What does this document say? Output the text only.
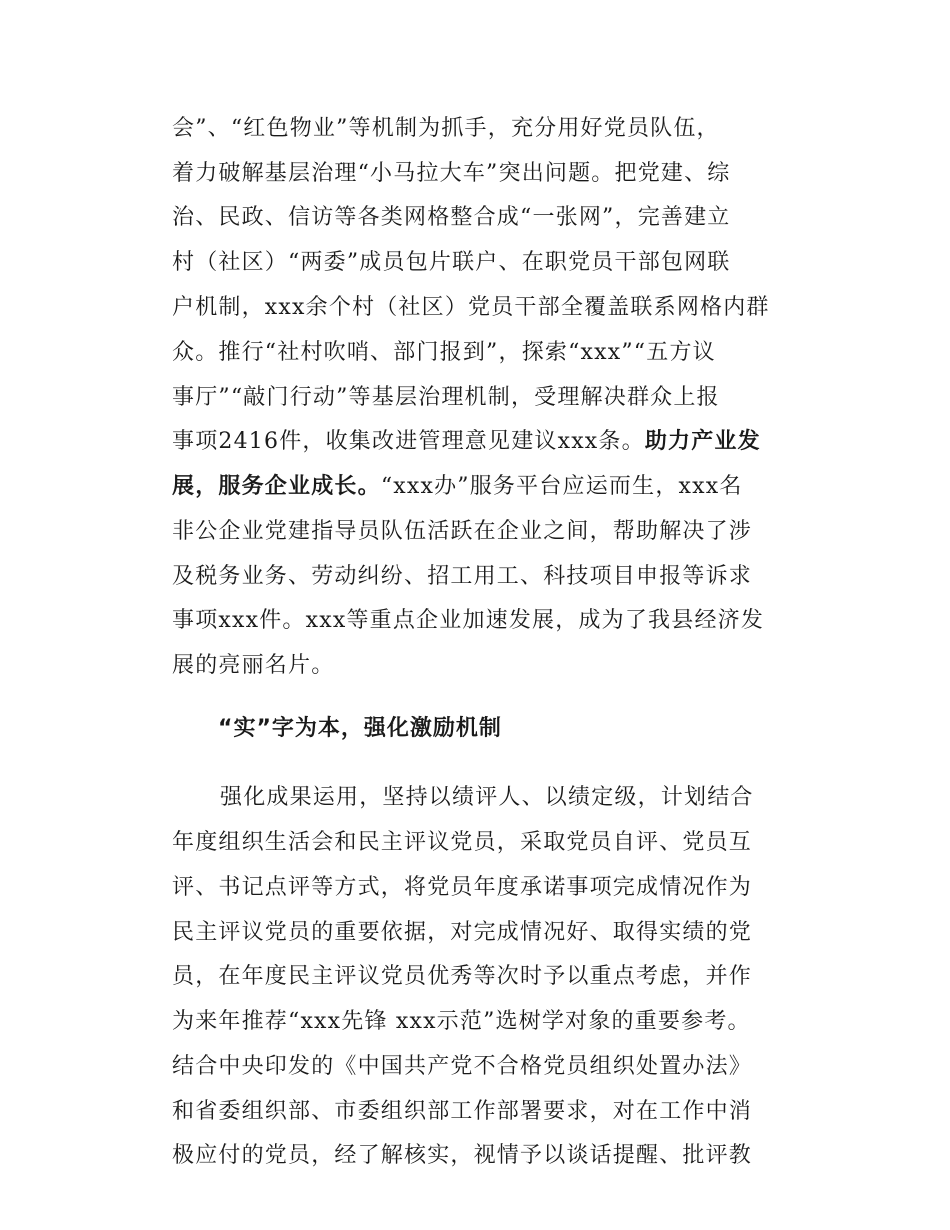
会”、“红色物业”等机制为抓手，充分用好党员队伍，
着力破解基层治理“小马拉大车”突出问题。把党建、综
治、民政、信访等各类网格整合成“一张网”，完善建立
村（社区）“两委”成员包片联户、在职党员干部包网联
户机制，xxx余个村（社区）党员干部全覆盖联系网格内群
众。推行“社村吹哨、部门报到”，探索“xxx”“五方议
事厅”“敲门行动”等基层治理机制，受理解决群众上报
事项2416件，收集改进管理意见建议xxx条。助力产业发
展，服务企业成长。“xxx办”服务平台应运而生，xxx名
非公企业党建指导员队伍活跃在企业之间，帮助解决了涉
及税务业务、劳动纠纷、招工用工、科技项目申报等诉求
事项xxx件。xxx等重点企业加速发展，成为了我县经济发
展的亮丽名片。
“实”字为本，强化激励机制
强化成果运用，坚持以绩评人、以绩定级，计划结合
年度组织生活会和民主评议党员，采取党员自评、党员互
评、书记点评等方式，将党员年度承诺事项完成情况作为
民主评议党员的重要依据，对完成情况好、取得实绩的党
员，在年度民主评议党员优秀等次时予以重点考虑，并作
为来年推荐“xxx先锋 xxx示范”选树学对象的重要参考。
结合中央印发的《中国共产党不合格党员组织处置办法》
和省委组织部、市委组织部工作部署要求，对在工作中消
极应付的党员，经了解核实，视情予以谈话提醒、批评教
